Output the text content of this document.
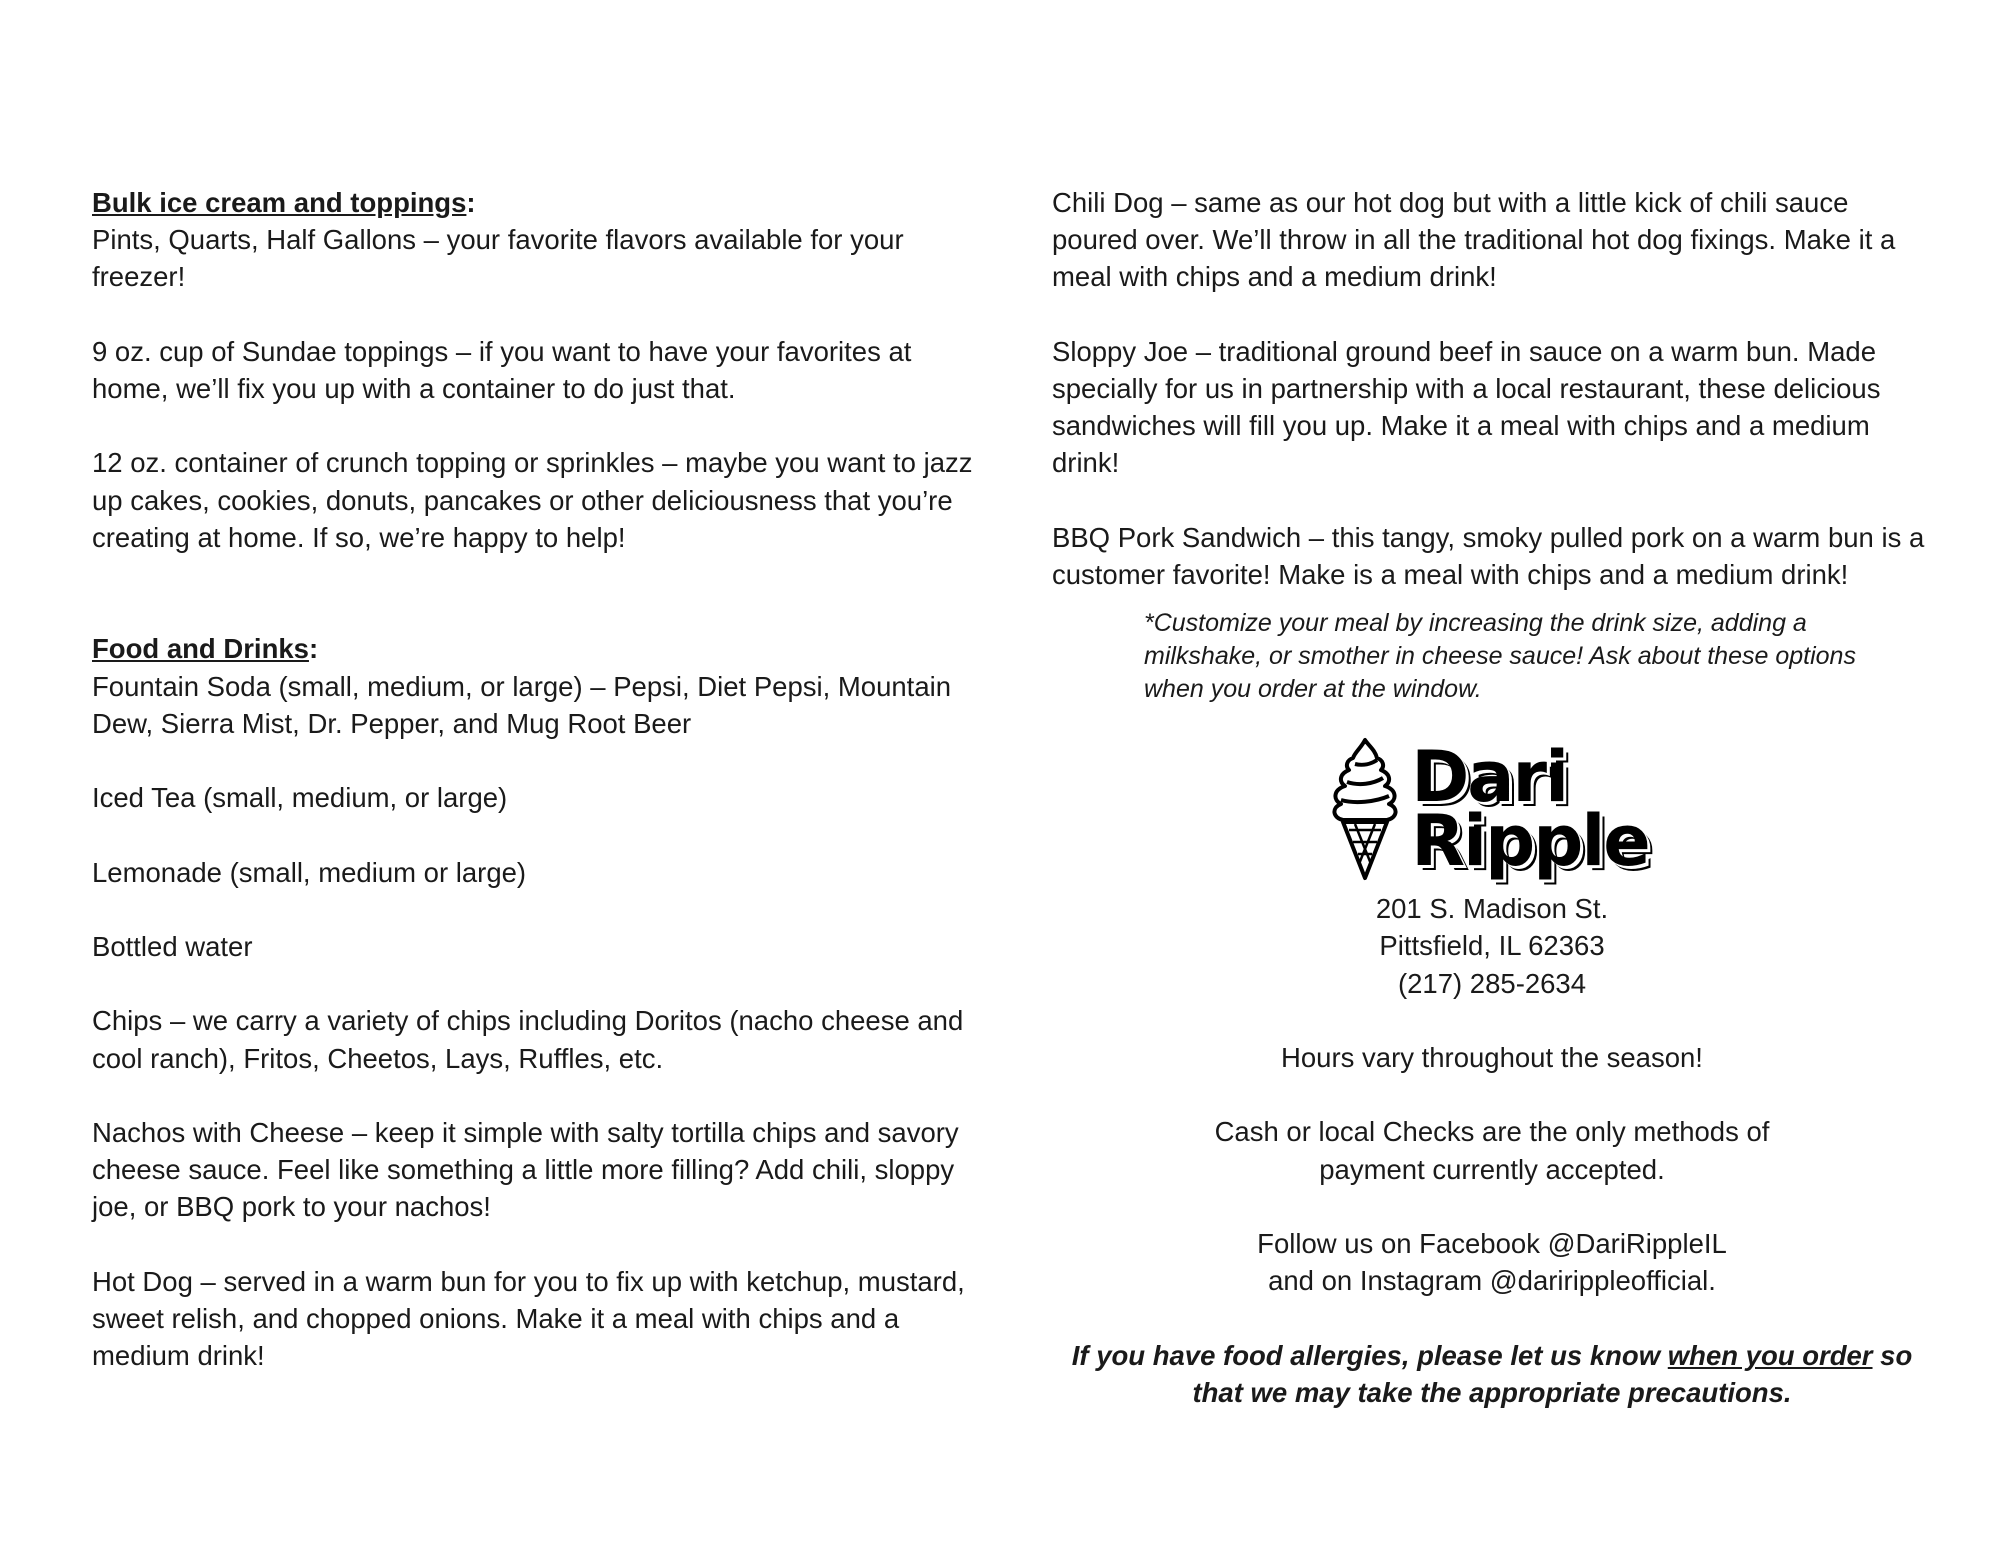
Bulk ice cream and toppings:

Pints, Quarts, Half Gallons – your favorite flavors available for your freezer!

9 oz. cup of Sundae toppings – if you want to have your favorites at home, we’ll fix you up with a container to do just that.

12 oz. container of crunch topping or sprinkles – maybe you want to jazz up cakes, cookies, donuts, pancakes or other deliciousness that you’re creating at home. If so, we’re happy to help!

Food and Drinks:

Fountain Soda (small, medium, or large) – Pepsi, Diet Pepsi, Mountain Dew, Sierra Mist, Dr. Pepper, and Mug Root Beer

Iced Tea (small, medium, or large)

Lemonade (small, medium or large)

Bottled water

Chips – we carry a variety of chips including Doritos (nacho cheese and cool ranch), Fritos, Cheetos, Lays, Ruffles, etc.

Nachos with Cheese – keep it simple with salty tortilla chips and savory cheese sauce. Feel like something a little more filling? Add chili, sloppy joe, or BBQ pork to your nachos!

Hot Dog – served in a warm bun for you to fix up with ketchup, mustard, sweet relish, and chopped onions. Make it a meal with chips and a medium drink!

Chili Dog – same as our hot dog but with a little kick of chili sauce poured over. We’ll throw in all the traditional hot dog fixings. Make it a meal with chips and a medium drink!

Sloppy Joe – traditional ground beef in sauce on a warm bun. Made specially for us in partnership with a local restaurant, these delicious sandwiches will fill you up. Make it a meal with chips and a medium drink!

BBQ Pork Sandwich – this tangy, smoky pulled pork on a warm bun is a customer favorite! Make is a meal with chips and a medium drink!

*Customize your meal by increasing the drink size, adding a milkshake, or smother in cheese sauce! Ask about these options when you order at the window.

Dari
Ripple

201 S. Madison St.

Pittsfield, IL 62363

(217) 285-2634

Hours vary throughout the season!

Cash or local Checks are the only methods of

payment currently accepted.

Follow us on Facebook @DariRippleIL

and on Instagram @daririppleofficial.

If you have food allergies, please let us know when you order so that we may take the appropriate precautions.
